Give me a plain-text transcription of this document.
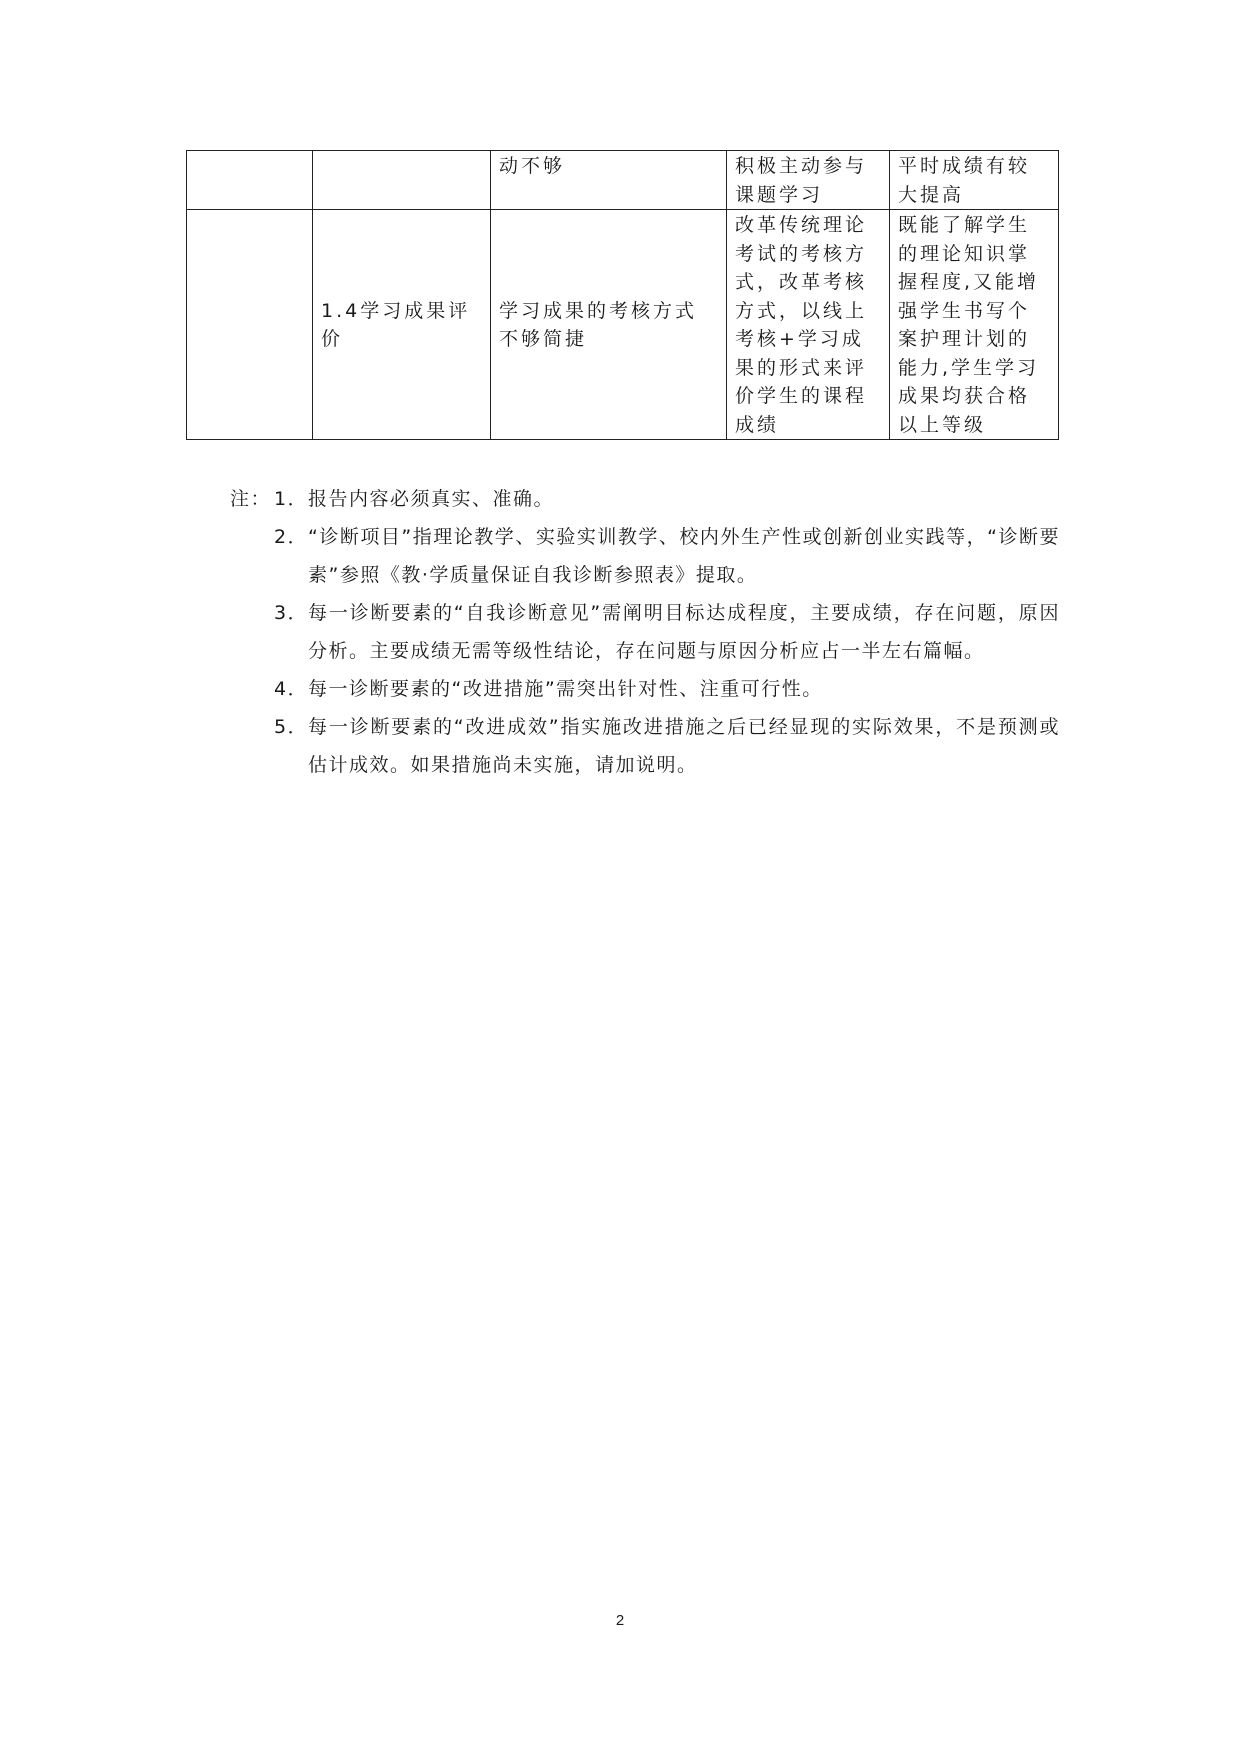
		动不够	积极主动参与课题学习	平时成绩有较大提高
	1.4学习成果评价	学习成果的考核方式不够简捷	改革传统理论考试的考核方式，改革考核方式，以线上考核+学习成果的形式来评价学生的课程成绩	既能了解学生的理论知识掌握程度,又能增强学生书写个案护理计划的能力,学生学习成果均获合格以上等级
注： 1． 报告内容必须真实、准确。
2． “诊断项目”指理论教学、实验实训教学、校内外生产性或创新创业实践等，“诊断要素”参照《教·学质量保证自我诊断参照表》提取。
3． 每一诊断要素的“自我诊断意见”需阐明目标达成程度，主要成绩，存在问题，原因分析。主要成绩无需等级性结论，存在问题与原因分析应占一半左右篇幅。
4． 每一诊断要素的“改进措施”需突出针对性、注重可行性。
5． 每一诊断要素的“改进成效”指实施改进措施之后已经显现的实际效果，不是预测或估计成效。如果措施尚未实施，请加说明。
2
